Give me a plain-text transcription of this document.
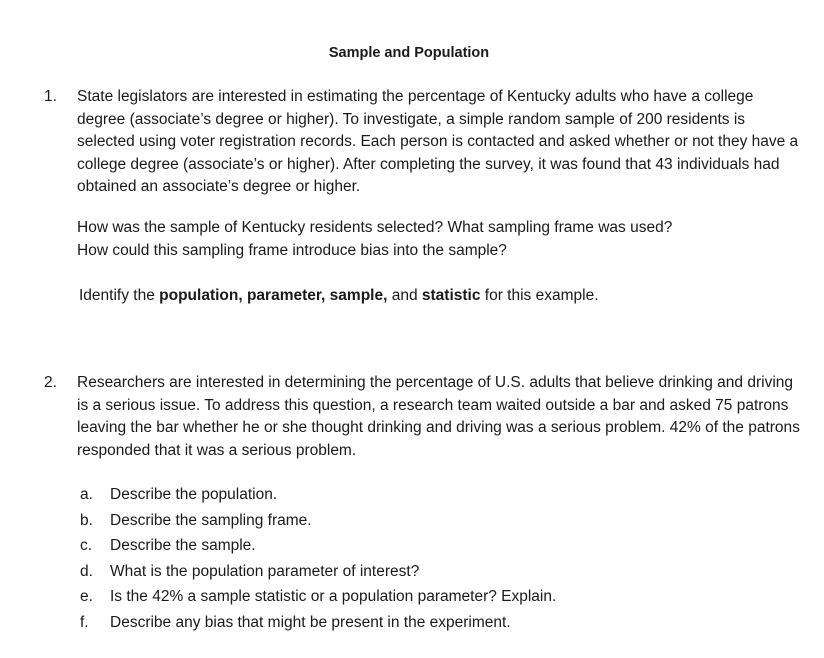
Sample and Population
1.	State legislators are interested in estimating the percentage of Kentucky adults who have a college degree (associate’s degree or higher). To investigate, a simple random sample of 200 residents is selected using voter registration records. Each person is contacted and asked whether or not they have a college degree (associate’s or higher). After completing the survey, it was found that 43 individuals had obtained an associate’s degree or higher.
How was the sample of Kentucky residents selected? What sampling frame was used?
How could this sampling frame introduce bias into the sample?
Identify the population, parameter, sample, and statistic for this example.
2.	Researchers are interested in determining the percentage of U.S. adults that believe drinking and driving is a serious issue. To address this question, a research team waited outside a bar and asked 75 patrons leaving the bar whether he or she thought drinking and driving was a serious problem. 42% of the patrons responded that it was a serious problem.
a.	Describe the population.
b.	Describe the sampling frame.
c.	Describe the sample.
d.	What is the population parameter of interest?
e.	Is the 42% a sample statistic or a population parameter? Explain.
f.	Describe any bias that might be present in the experiment.
